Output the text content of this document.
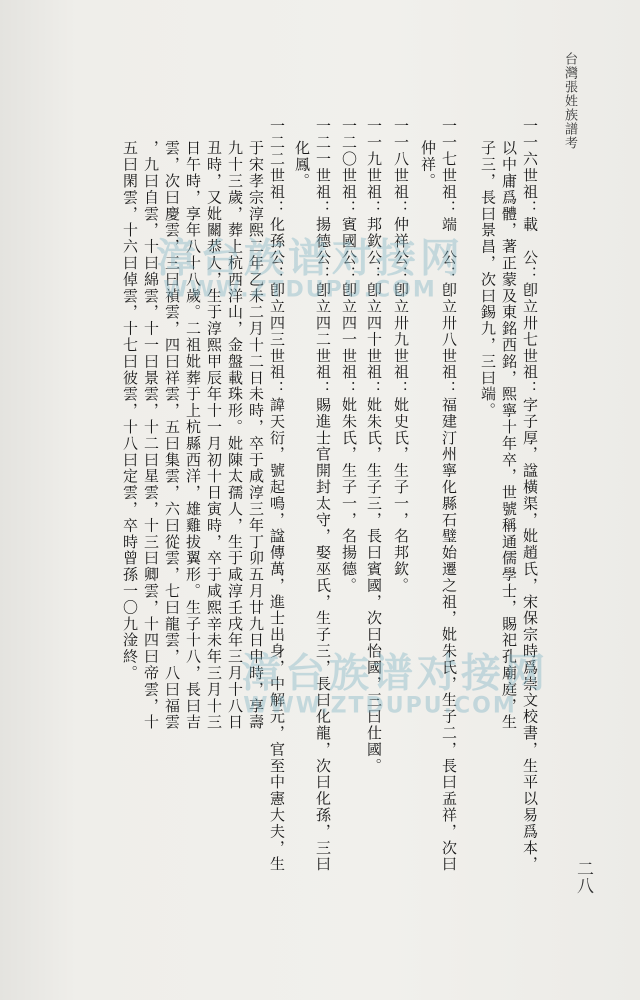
台灣張姓族譜考
一一六世祖：載　公：卽立卅七世祖：字子厚，諡橫渠，妣趙氏，宋保宗時爲崇文校書，生平以易爲本，
以中庸爲體，著正蒙及東銘西銘，熙寧十年卒，世號稱通儒學士，賜祀孔廟庭，生
子三，長曰景昌，次曰錫九，三曰端。
一一七世祖：端　公：卽立卅八世祖：福建汀州寧化縣石璧始遷之祖，妣朱氏，生子二，長曰孟祥，次曰
仲祥。
一一八世祖：仲祥公：卽立卅九世祖：妣史氏，生子一，名邦欽。
一一九世祖：邦欽公：卽立四十世祖：妣朱氏，生子三，長曰賓國，次曰怡國，三曰仕國。
一二〇世祖：賓國公：卽立四一世祖：妣朱氏，生子一，名揚德。
一二一世祖：揚德公：卽立四二世祖：賜進士官開封太守，娶巫氏，生子三，長曰化龍，次曰化孫，三曰
化鳳。
一二二世祖：化孫公：卽立四三世祖：諱天衍，號起鳴，諡傳萬，進士出身，中解元，官至中憲大夫，生
于宋孝宗淳熙二年乙未二月十二日未時，卒于咸淳三年丁卯五月廿九日申時，享壽
九十三歲，葬上杭西洋山，金盤載珠形。妣陳太孺人，生于咸淳壬戌年三月十八日
丑時，又妣關恭人，生于淳熙甲辰年十一月初十日寅時，卒于咸熙辛未年三月十三
日午時，享年八十八歲。二祖妣葬于上杭縣西洋，雄雞拔翼形。生子十八，長曰吉
雲，次曰慶雲，三曰禎雲，四曰祥雲，五曰集雲，六曰從雲，七曰龍雲，八曰福雲
，九曰自雲，十曰綿雲，十一曰景雲，十二曰星雲，十三曰卿雲，十四曰帝雲，十
五曰閑雲，十六曰倬雲，十七曰彼雲，十八曰定雲，卒時曾孫一〇九淦終。
二八
漳台族谱对接网
WWW.ZTDUPU.COM
漳台族谱对接网
WWW.ZTDUPU.COM
